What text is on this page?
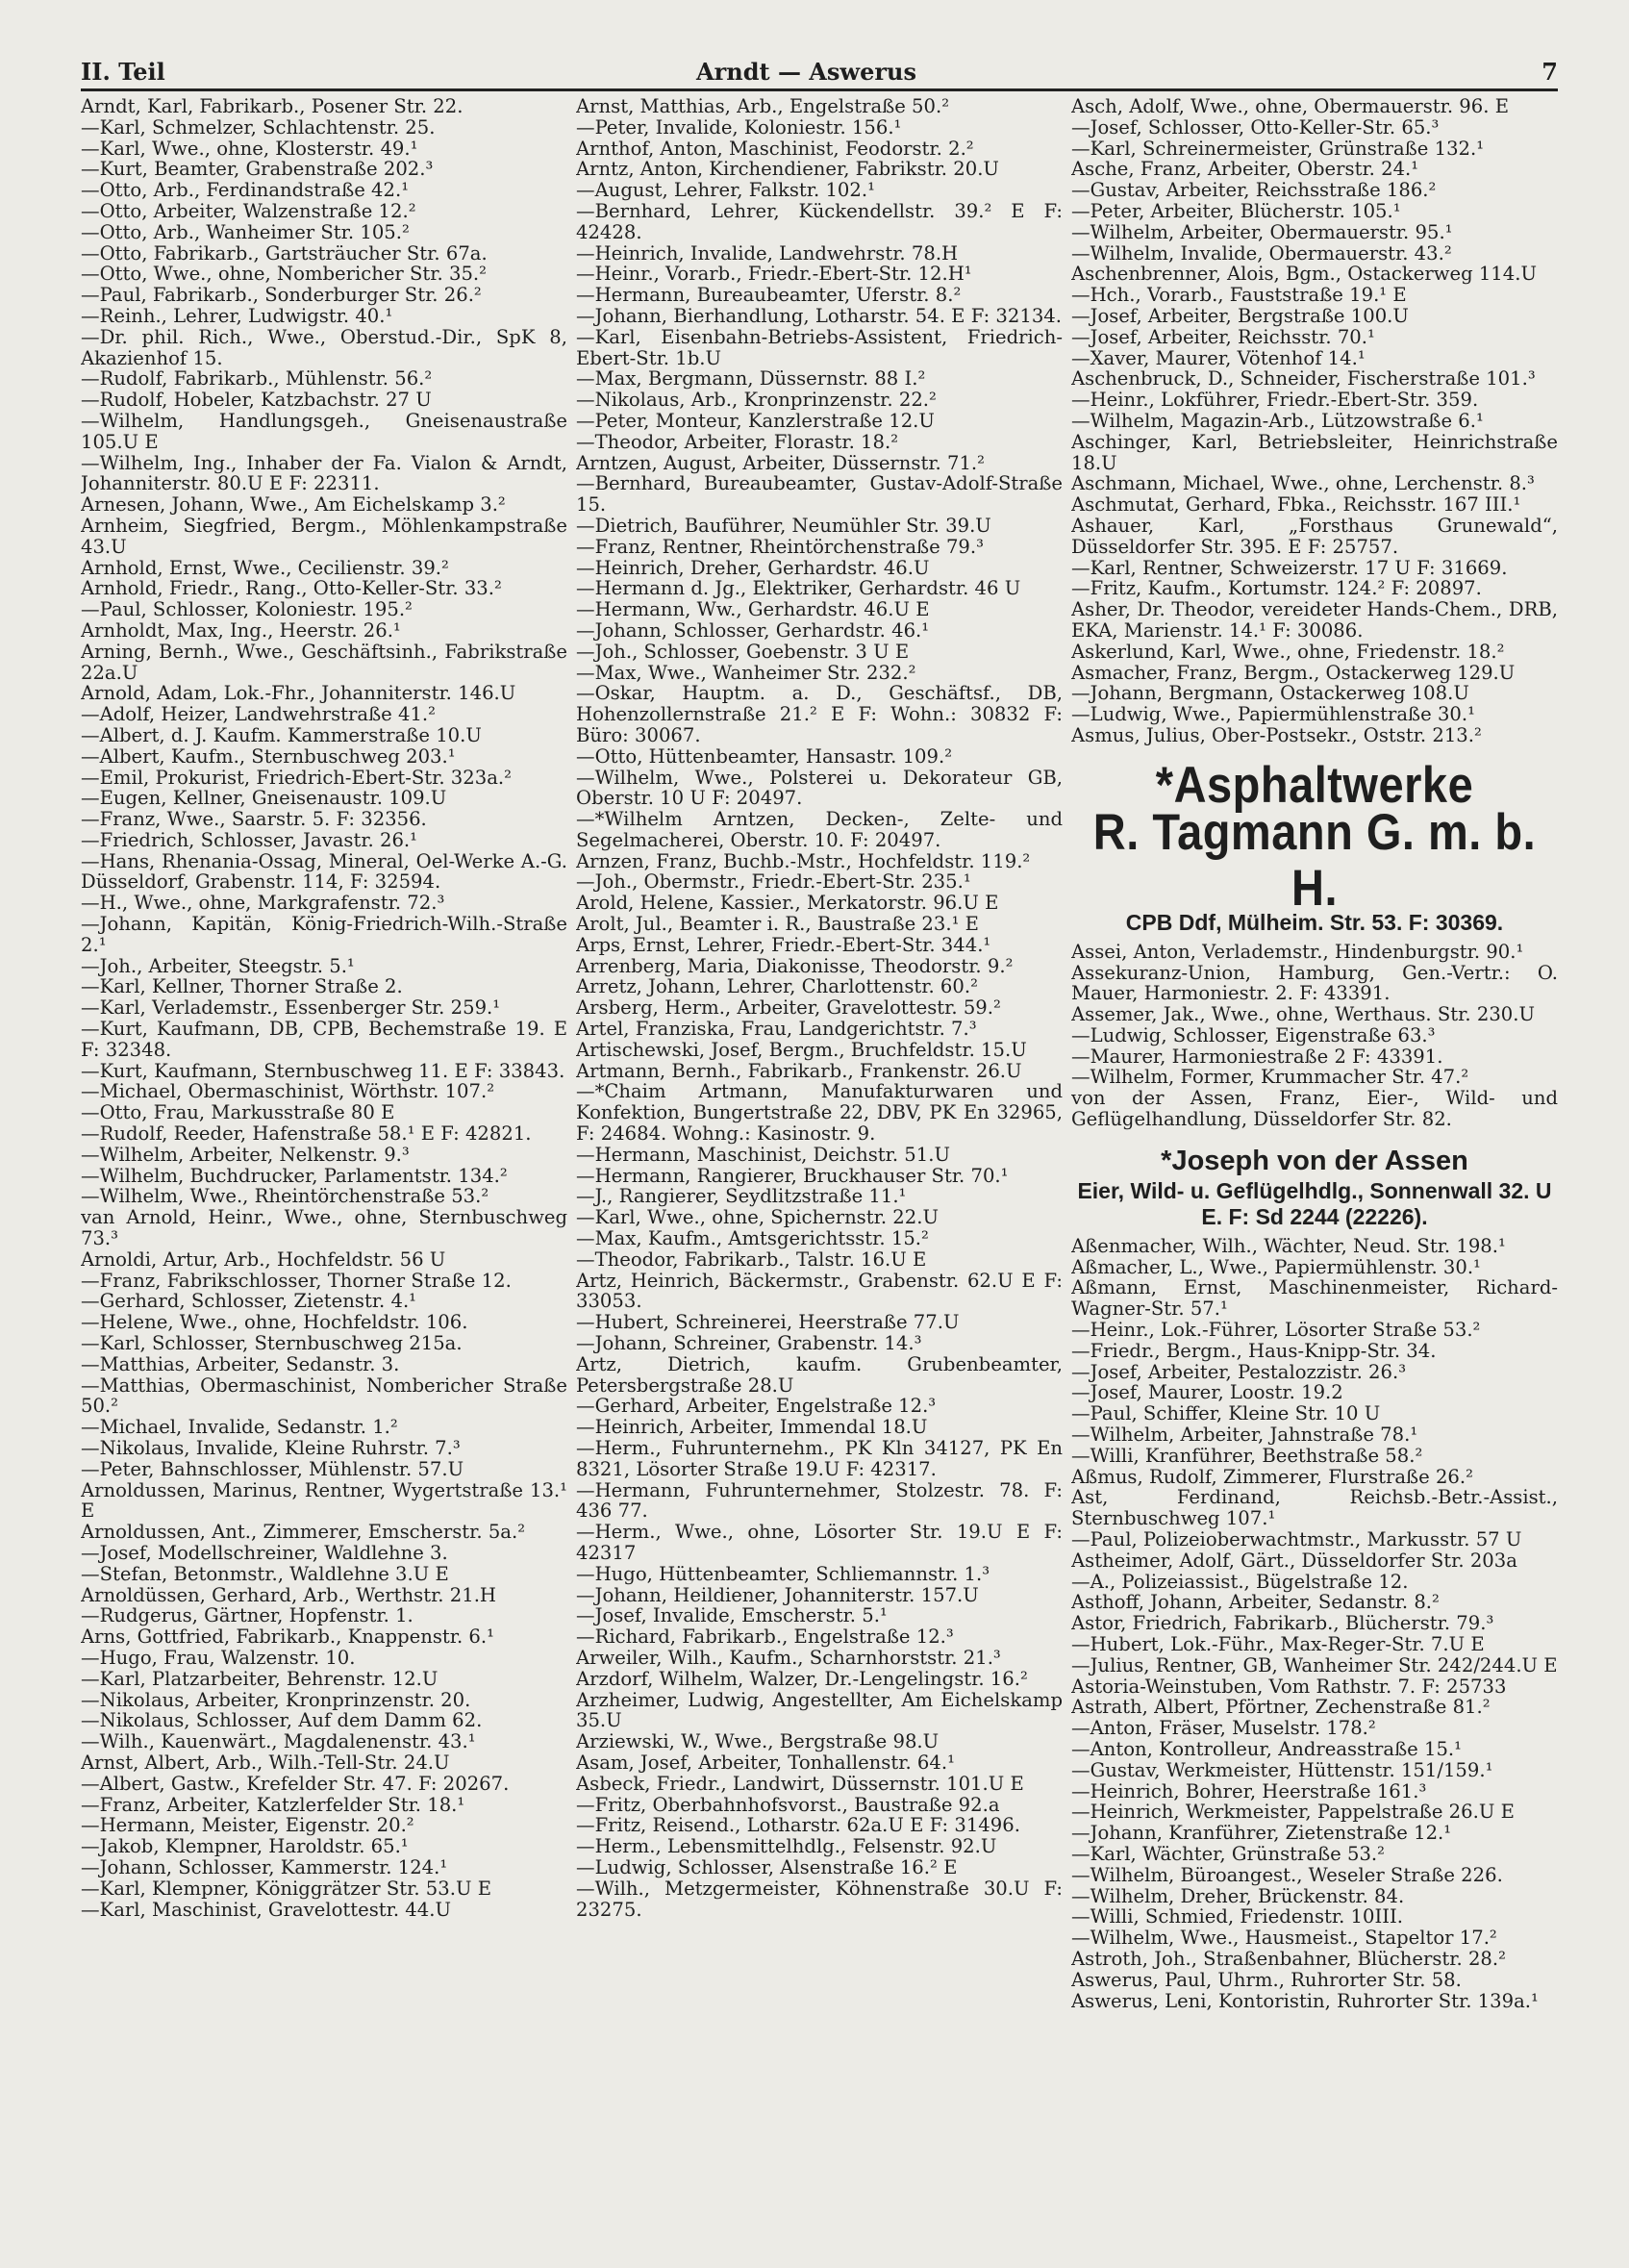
II. Teil	Arndt — Aswerus	7

Arndt, Karl, Fabrikarb., Posener Str. 22.

—Karl, Schmelzer, Schlachtenstr. 25.

—Karl, Wwe., ohne, Klosterstr. 49.¹

—Kurt, Beamter, Grabenstraße 202.³

—Otto, Arb., Ferdinandstraße 42.¹

—Otto, Arbeiter, Walzenstraße 12.²

—Otto, Arb., Wanheimer Str. 105.²

—Otto, Fabrikarb., Gartsträucher Str. 67a.

—Otto, Wwe., ohne, Nombericher Str. 35.²

—Paul, Fabrikarb., Sonderburger Str. 26.²

—Reinh., Lehrer, Ludwigstr. 40.¹

—Dr. phil. Rich., Wwe., Oberstud.-Dir., SpK 8, Akazienhof 15.

—Rudolf, Fabrikarb., Mühlenstr. 56.²

—Rudolf, Hobeler, Katzbachstr. 27 U

—Wilhelm, Handlungsgeh., Gneisenaustraße 105.U E

—Wilhelm, Ing., Inhaber der Fa. Vialon & Arndt, Johanniterstr. 80.U E F: 22311.

Arnesen, Johann, Wwe., Am Eichelskamp 3.²

Arnheim, Siegfried, Bergm., Möhlenkampstraße 43.U

Arnhold, Ernst, Wwe., Cecilienstr. 39.²

Arnhold, Friedr., Rang., Otto-Keller-Str. 33.²

—Paul, Schlosser, Koloniestr. 195.²

Arnholdt, Max, Ing., Heerstr. 26.¹

Arning, Bernh., Wwe., Geschäftsinh., Fabrikstraße 22a.U

Arnold, Adam, Lok.-Fhr., Johanniterstr. 146.U

—Adolf, Heizer, Landwehrstraße 41.²

—Albert, d. J. Kaufm. Kammerstraße 10.U

—Albert, Kaufm., Sternbuschweg 203.¹

—Emil, Prokurist, Friedrich-Ebert-Str. 323a.²

—Eugen, Kellner, Gneisenaustr. 109.U

—Franz, Wwe., Saarstr. 5. F: 32356.

—Friedrich, Schlosser, Javastr. 26.¹

—Hans, Rhenania-Ossag, Mineral, Oel-Werke A.-G. Düsseldorf, Grabenstr. 114, F: 32594.

—H., Wwe., ohne, Markgrafenstr. 72.³

—Johann, Kapitän, König-Friedrich-Wilh.-Straße 2.¹

—Joh., Arbeiter, Steegstr. 5.¹

—Karl, Kellner, Thorner Straße 2.

—Karl, Verlademstr., Essenberger Str. 259.¹

—Kurt, Kaufmann, DB, CPB, Bechemstraße 19. E F: 32348.

—Kurt, Kaufmann, Sternbuschweg 11. E F: 33843.

—Michael, Obermaschinist, Wörthstr. 107.²

—Otto, Frau, Markusstraße 80 E

—Rudolf, Reeder, Hafenstraße 58.¹ E F: 42821.

—Wilhelm, Arbeiter, Nelkenstr. 9.³

—Wilhelm, Buchdrucker, Parlamentstr. 134.²

—Wilhelm, Wwe., Rheintörchenstraße 53.²

van Arnold, Heinr., Wwe., ohne, Sternbuschweg 73.³

Arnoldi, Artur, Arb., Hochfeldstr. 56 U

—Franz, Fabrikschlosser, Thorner Straße 12.

—Gerhard, Schlosser, Zietenstr. 4.¹

—Helene, Wwe., ohne, Hochfeldstr. 106.

—Karl, Schlosser, Sternbuschweg 215a.

—Matthias, Arbeiter, Sedanstr. 3.

—Matthias, Obermaschinist, Nombericher Straße 50.²

—Michael, Invalide, Sedanstr. 1.²

—Nikolaus, Invalide, Kleine Ruhrstr. 7.³

—Peter, Bahnschlosser, Mühlenstr. 57.U

Arnoldussen, Marinus, Rentner, Wygertstraße 13.¹ E

Arnoldussen, Ant., Zimmerer, Emscherstr. 5a.²

—Josef, Modellschreiner, Waldlehne 3.

—Stefan, Betonmstr., Waldlehne 3.U E

Arnoldüssen, Gerhard, Arb., Werthstr. 21.H

—Rudgerus, Gärtner, Hopfenstr. 1.

Arns, Gottfried, Fabrikarb., Knappenstr. 6.¹

—Hugo, Frau, Walzenstr. 10.

—Karl, Platzarbeiter, Behrenstr. 12.U

—Nikolaus, Arbeiter, Kronprinzenstr. 20.

—Nikolaus, Schlosser, Auf dem Damm 62.

—Wilh., Kauenwärt., Magdalenenstr. 43.¹

Arnst, Albert, Arb., Wilh.-Tell-Str. 24.U

—Albert, Gastw., Krefelder Str. 47. F: 20267.

—Franz, Arbeiter, Katzlerfelder Str. 18.¹

—Hermann, Meister, Eigenstr. 20.²

—Jakob, Klempner, Haroldstr. 65.¹

—Johann, Schlosser, Kammerstr. 124.¹

—Karl, Klempner, Königgrätzer Str. 53.U E

—Karl, Maschinist, Gravelottestr. 44.U

Arnst, Matthias, Arb., Engelstraße 50.²

—Peter, Invalide, Koloniestr. 156.¹

Arnthof, Anton, Maschinist, Feodorstr. 2.²

Arntz, Anton, Kirchendiener, Fabrikstr. 20.U

—August, Lehrer, Falkstr. 102.¹

—Bernhard, Lehrer, Kückendellstr. 39.² E F: 42428.

—Heinrich, Invalide, Landwehrstr. 78.H

—Heinr., Vorarb., Friedr.-Ebert-Str. 12.H¹

—Hermann, Bureaubeamter, Uferstr. 8.²

—Johann, Bierhandlung, Lotharstr. 54. E F: 32134.

—Karl, Eisenbahn-Betriebs-Assistent, Friedrich-Ebert-Str. 1b.U

—Max, Bergmann, Düssernstr. 88 I.²

—Nikolaus, Arb., Kronprinzenstr. 22.²

—Peter, Monteur, Kanzlerstraße 12.U

—Theodor, Arbeiter, Florastr. 18.²

Arntzen, August, Arbeiter, Düssernstr. 71.²

—Bernhard, Bureaubeamter, Gustav-Adolf-Straße 15.

—Dietrich, Bauführer, Neumühler Str. 39.U

—Franz, Rentner, Rheintörchenstraße 79.³

—Heinrich, Dreher, Gerhardstr. 46.U

—Hermann d. Jg., Elektriker, Gerhardstr. 46 U

—Hermann, Ww., Gerhardstr. 46.U E

—Johann, Schlosser, Gerhardstr. 46.¹

—Joh., Schlosser, Goebenstr. 3 U E

—Max, Wwe., Wanheimer Str. 232.²

—Oskar, Hauptm. a. D., Geschäftsf., DB, Hohenzollernstraße 21.² E F: Wohn.: 30832 F: Büro: 30067.

—Otto, Hüttenbeamter, Hansastr. 109.²

—Wilhelm, Wwe., Polsterei u. Dekorateur GB, Oberstr. 10 U F: 20497.

—*Wilhelm Arntzen, Decken-, Zelte- und Segelmacherei, Oberstr. 10. F: 20497.

Arnzen, Franz, Buchb.-Mstr., Hochfeldstr. 119.²

—Joh., Obermstr., Friedr.-Ebert-Str. 235.¹

Arold, Helene, Kassier., Merkatorstr. 96.U E

Arolt, Jul., Beamter i. R., Baustraße 23.¹ E

Arps, Ernst, Lehrer, Friedr.-Ebert-Str. 344.¹

Arrenberg, Maria, Diakonisse, Theodorstr. 9.²

Arretz, Johann, Lehrer, Charlottenstr. 60.²

Arsberg, Herm., Arbeiter, Gravelottestr. 59.²

Artel, Franziska, Frau, Landgerichtstr. 7.³

Artischewski, Josef, Bergm., Bruchfeldstr. 15.U

Artmann, Bernh., Fabrikarb., Frankenstr. 26.U

—*Chaim Artmann, Manufakturwaren und Konfektion, Bungertstraße 22, DBV, PK En 32965, F: 24684. Wohng.: Kasinostr. 9.

—Hermann, Maschinist, Deichstr. 51.U

—Hermann, Rangierer, Bruckhauser Str. 70.¹

—J., Rangierer, Seydlitzstraße 11.¹

—Karl, Wwe., ohne, Spichernstr. 22.U

—Max, Kaufm., Amtsgerichtsstr. 15.²

—Theodor, Fabrikarb., Talstr. 16.U E

Artz, Heinrich, Bäckermstr., Grabenstr. 62.U E F: 33053.

—Hubert, Schreinerei, Heerstraße 77.U

—Johann, Schreiner, Grabenstr. 14.³

Artz, Dietrich, kaufm. Grubenbeamter, Petersbergstraße 28.U

—Gerhard, Arbeiter, Engelstraße 12.³

—Heinrich, Arbeiter, Immendal 18.U

—Herm., Fuhrunternehm., PK Kln 34127, PK En 8321, Lösorter Straße 19.U F: 42317.

—Hermann, Fuhrunternehmer, Stolzestr. 78. F: 436 77.

—Herm., Wwe., ohne, Lösorter Str. 19.U E F: 42317

—Hugo, Hüttenbeamter, Schliemannstr. 1.³

—Johann, Heildiener, Johanniterstr. 157.U

—Josef, Invalide, Emscherstr. 5.¹

—Richard, Fabrikarb., Engelstraße 12.³

Arweiler, Wilh., Kaufm., Scharnhorststr. 21.³

Arzdorf, Wilhelm, Walzer, Dr.-Lengelingstr. 16.²

Arzheimer, Ludwig, Angestellter, Am Eichelskamp 35.U

Arziewski, W., Wwe., Bergstraße 98.U

Asam, Josef, Arbeiter, Tonhallenstr. 64.¹

Asbeck, Friedr., Landwirt, Düssernstr. 101.U E

—Fritz, Oberbahnhofsvorst., Baustraße 92.a

—Fritz, Reisend., Lotharstr. 62a.U E F: 31496.

—Herm., Lebensmittelhdlg., Felsenstr. 92.U

—Ludwig, Schlosser, Alsenstraße 16.² E

—Wilh., Metzgermeister, Köhnenstraße 30.U F: 23275.

Asch, Adolf, Wwe., ohne, Obermauerstr. 96. E

—Josef, Schlosser, Otto-Keller-Str. 65.³

—Karl, Schreinermeister, Grünstraße 132.¹

Asche, Franz, Arbeiter, Oberstr. 24.¹

—Gustav, Arbeiter, Reichsstraße 186.²

—Peter, Arbeiter, Blücherstr. 105.¹

—Wilhelm, Arbeiter, Obermauerstr. 95.¹

—Wilhelm, Invalide, Obermauerstr. 43.²

Aschenbrenner, Alois, Bgm., Ostackerweg 114.U

—Hch., Vorarb., Fauststraße 19.¹ E

—Josef, Arbeiter, Bergstraße 100.U

—Josef, Arbeiter, Reichsstr. 70.¹

—Xaver, Maurer, Vötenhof 14.¹

Aschenbruck, D., Schneider, Fischerstraße 101.³

—Heinr., Lokführer, Friedr.-Ebert-Str. 359.

—Wilhelm, Magazin-Arb., Lützowstraße 6.¹

Aschinger, Karl, Betriebsleiter, Heinrichstraße 18.U

Aschmann, Michael, Wwe., ohne, Lerchenstr. 8.³

Aschmutat, Gerhard, Fbka., Reichsstr. 167 III.¹

Ashauer, Karl, „Forsthaus Grunewald“, Düsseldorfer Str. 395. E F: 25757.

—Karl, Rentner, Schweizerstr. 17 U F: 31669.

—Fritz, Kaufm., Kortumstr. 124.² F: 20897.

Asher, Dr. Theodor, vereideter Hands-Chem., DRB, EKA, Marienstr. 14.¹ F: 30086.

Askerlund, Karl, Wwe., ohne, Friedenstr. 18.²

Asmacher, Franz, Bergm., Ostackerweg 129.U

—Johann, Bergmann, Ostackerweg 108.U

—Ludwig, Wwe., Papiermühlenstraße 30.¹

Asmus, Julius, Ober-Postsekr., Oststr. 213.²

*Asphaltwerke
R. Tagmann G. m. b. H.
CPB Ddf, Mülheim. Str. 53. F: 30369.

Assei, Anton, Verlademstr., Hindenburgstr. 90.¹

Assekuranz-Union, Hamburg, Gen.-Vertr.: O. Mauer, Harmoniestr. 2. F: 43391.

Assemer, Jak., Wwe., ohne, Werthaus. Str. 230.U

—Ludwig, Schlosser, Eigenstraße 63.³

—Maurer, Harmoniestraße 2 F: 43391.

—Wilhelm, Former, Krummacher Str. 47.²

von der Assen, Franz, Eier-, Wild- und Geflügelhandlung, Düsseldorfer Str. 82.

*Joseph von der Assen
Eier, Wild- u. Geflügelhdlg., Sonnenwall 32. U E. F: Sd 2244 (22226).

Aßenmacher, Wilh., Wächter, Neud. Str. 198.¹

Aßmacher, L., Wwe., Papiermühlenstr. 30.¹

Aßmann, Ernst, Maschinenmeister, Richard-Wagner-Str. 57.¹

—Heinr., Lok.-Führer, Lösorter Straße 53.²

—Friedr., Bergm., Haus-Knipp-Str. 34.

—Josef, Arbeiter, Pestalozzistr. 26.³

—Josef, Maurer, Loostr. 19.2

—Paul, Schiffer, Kleine Str. 10 U

—Wilhelm, Arbeiter, Jahnstraße 78.¹

—Willi, Kranführer, Beethstraße 58.²

Aßmus, Rudolf, Zimmerer, Flurstraße 26.²

Ast, Ferdinand, Reichsb.-Betr.-Assist., Sternbuschweg 107.¹

—Paul, Polizeioberwachtmstr., Markusstr. 57 U

Astheimer, Adolf, Gärt., Düsseldorfer Str. 203a

—A., Polizeiassist., Bügelstraße 12.

Asthoff, Johann, Arbeiter, Sedanstr. 8.²

Astor, Friedrich, Fabrikarb., Blücherstr. 79.³

—Hubert, Lok.-Führ., Max-Reger-Str. 7.U E

—Julius, Rentner, GB, Wanheimer Str. 242/244.U E

Astoria-Weinstuben, Vom Rathstr. 7. F: 25733

Astrath, Albert, Pförtner, Zechenstraße 81.²

—Anton, Fräser, Muselstr. 178.²

—Anton, Kontrolleur, Andreasstraße 15.¹

—Gustav, Werkmeister, Hüttenstr. 151/159.¹

—Heinrich, Bohrer, Heerstraße 161.³

—Heinrich, Werkmeister, Pappelstraße 26.U E

—Johann, Kranführer, Zietenstraße 12.¹

—Karl, Wächter, Grünstraße 53.²

—Wilhelm, Büroangest., Weseler Straße 226.

—Wilhelm, Dreher, Brückenstr. 84.

—Willi, Schmied, Friedenstr. 10III.

—Wilhelm, Wwe., Hausmeist., Stapeltor 17.²

Astroth, Joh., Straßenbahner, Blücherstr. 28.²

Aswerus, Paul, Uhrm., Ruhrorter Str. 58.

Aswerus, Leni, Kontoristin, Ruhrorter Str. 139a.¹
